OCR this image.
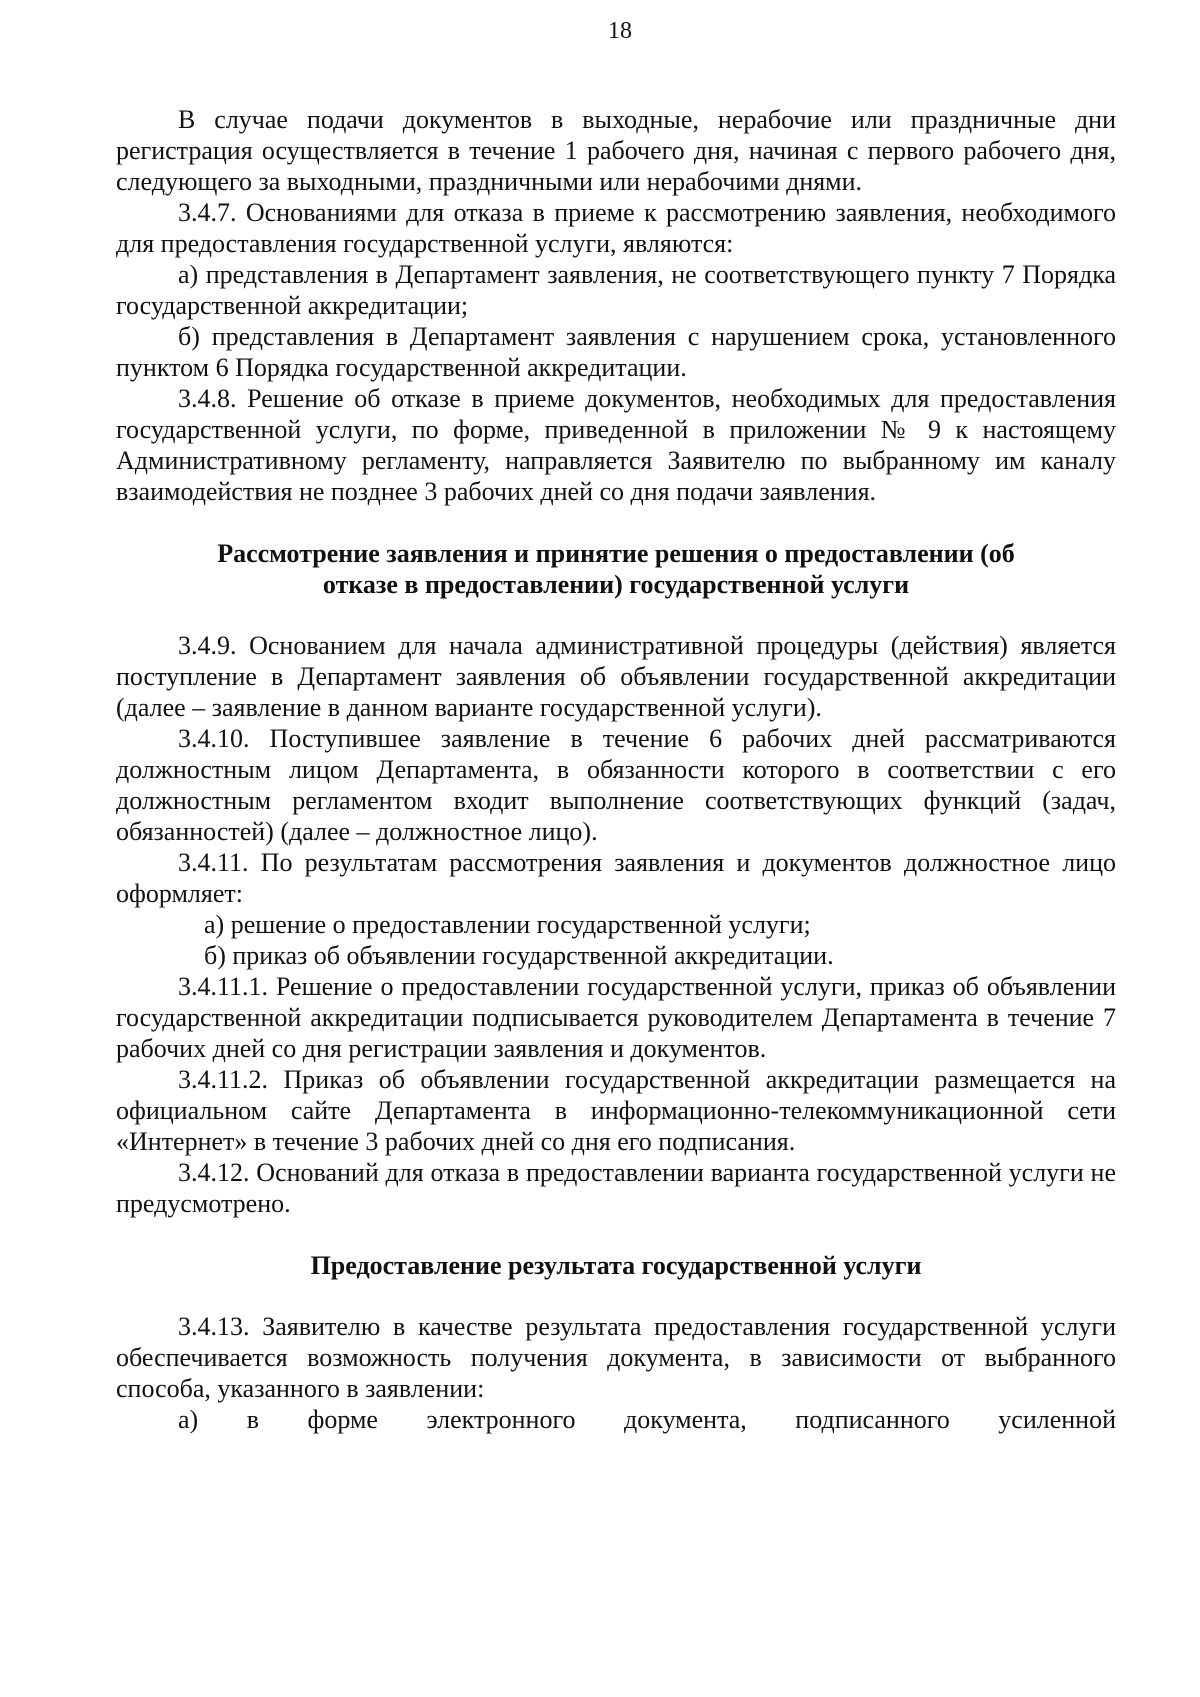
18

В случае подачи документов в выходные, нерабочие или праздничные дни регистрация осуществляется в течение 1 рабочего дня, начиная с первого рабочего дня, следующего за выходными, праздничными или нерабочими днями.

3.4.7. Основаниями для отказа в приеме к рассмотрению заявления, необходимого для предоставления государственной услуги, являются:

а) представления в Департамент заявления, не соответствующего пункту 7 Порядка государственной аккредитации;

б) представления в Департамент заявления с нарушением срока, установленного пунктом 6 Порядка государственной аккредитации.

3.4.8. Решение об отказе в приеме документов, необходимых для предоставления государственной услуги, по форме, приведенной в приложении № 9 к настоящему Административному регламенту, направляется Заявителю по выбранному им каналу взаимодействия не позднее 3 рабочих дней со дня подачи заявления.

Рассмотрение заявления и принятие решения о предоставлении (об отказе в предоставлении) государственной услуги

3.4.9. Основанием для начала административной процедуры (действия) является поступление в Департамент заявления об объявлении государственной аккредитации (далее – заявление в данном варианте государственной услуги).

3.4.10. Поступившее заявление в течение 6 рабочих дней рассматриваются должностным лицом Департамента, в обязанности которого в соответствии с его должностным регламентом входит выполнение соответствующих функций (задач, обязанностей) (далее – должностное лицо).

3.4.11. По результатам рассмотрения заявления и документов должностное лицо оформляет:

а) решение о предоставлении государственной услуги;

б) приказ об объявлении государственной аккредитации.

3.4.11.1. Решение о предоставлении государственной услуги, приказ об объявлении государственной аккредитации подписывается руководителем Департамента в течение 7 рабочих дней со дня регистрации заявления и документов.

3.4.11.2. Приказ об объявлении государственной аккредитации размещается на официальном сайте Департамента в информационно-телекоммуникационной сети «Интернет» в течение 3 рабочих дней со дня его подписания.

3.4.12. Оснований для отказа в предоставлении варианта государственной услуги не предусмотрено.

Предоставление результата государственной услуги

3.4.13. Заявителю в качестве результата предоставления государственной услуги обеспечивается возможность получения документа, в зависимости от выбранного способа, указанного в заявлении:

а) в форме электронного документа, подписанного усиленной
